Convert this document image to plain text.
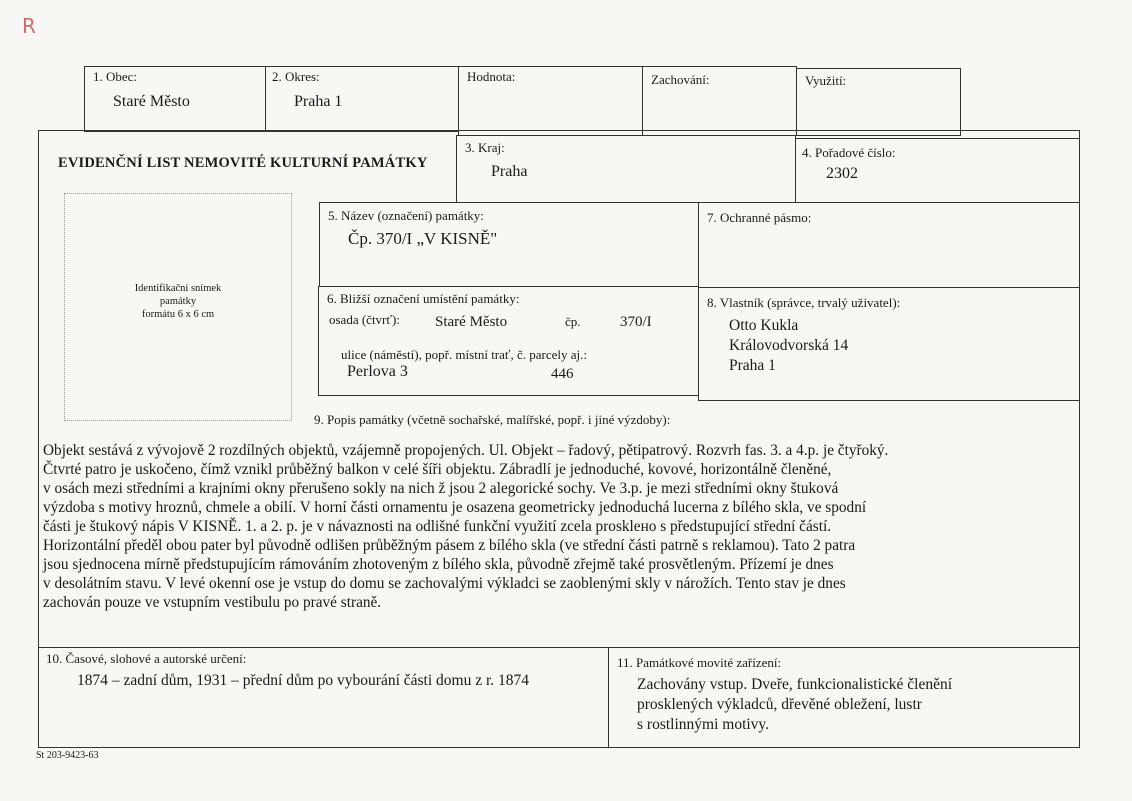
R
1. Obec:
Staré Město
2. Okres:
Praha 1
Hodnota:	Zachování:	Využití:
EVIDENČNÍ LIST NEMOVITÉ KULTURNÍ PAMÁTKY
3. Kraj:
Praha
4. Pořadové číslo:
2302
Identifikační snímek
památky
formátu 6 x 6 cm
5. Název (označení) památky:
Čp. 370/I „V KISNĚ"
7. Ochranné pásmo:
6. Bližší označení umístění památky:
osada (čtvrť): Staré Město	čp.	370/I
ulice (náměstí), popř. místní trať, č. parcely aj.:
Perlova 3	446
8. Vlastník (správce, trvalý uživatel):
Otto Kukla
Královodvorská 14
Praha 1
9. Popis památky (včetně sochařské, malířské, popř. i jiné výzdoby):
Objekt sestává z vývojově 2 rozdílných objektů, vzájemně propojených. Ul. Objekt – řadový, pětipatrový. Rozvrh fas. 3. a 4.p. je čtyřoký.
Čtvrté patro je uskočeno, čímž vznikl průběžný balkon v celé šíři objektu. Zábradlí je jednoduché, kovové, horizontálně členěné,
v osách mezi středními a krajními okny přerušeno sokly na nich ž jsou 2 alegorické sochy. Ve 3.p. je mezi středními okny štuková
výzdoba s motivy hroznů, chmele a obilí. V horní části ornamentu je osazena geometricky jednoduchá lucerna z bílého skla, ve spodní
části je štukový nápis V KISNĚ. 1. a 2. p. je v návaznosti na odlišné funkční využití zcela prosklено s předstupující střední částí.
Horizontální předěl obou pater byl původně odlišen průběžným pásem z bílého skla (ve střední části patrně s reklamou). Tato 2 patra
jsou sjednocena mírně předstupujícím rámováním zhotoveným z bílého skla, původně zřejmě také prosvětleným. Přízemí je dnes
v desolátním stavu. V levé okenní ose je vstup do domu se zachovalými výkladci se zaoblenými skly v nárožích. Tento stav je dnes
zachován pouze ve vstupním vestibulu po pravé straně.
10. Časové, slohové a autorské určení:
1874 – zadní dům, 1931 – přední dům po vybourání části domu z r. 1874
11. Památkové movité zařízení:
Zachovány vstup. Dveře, funkcionalistické členění
prosklených výkladců, dřevěné obležení, lustr
s rostlinnými motivy.
St 203-9423-63
